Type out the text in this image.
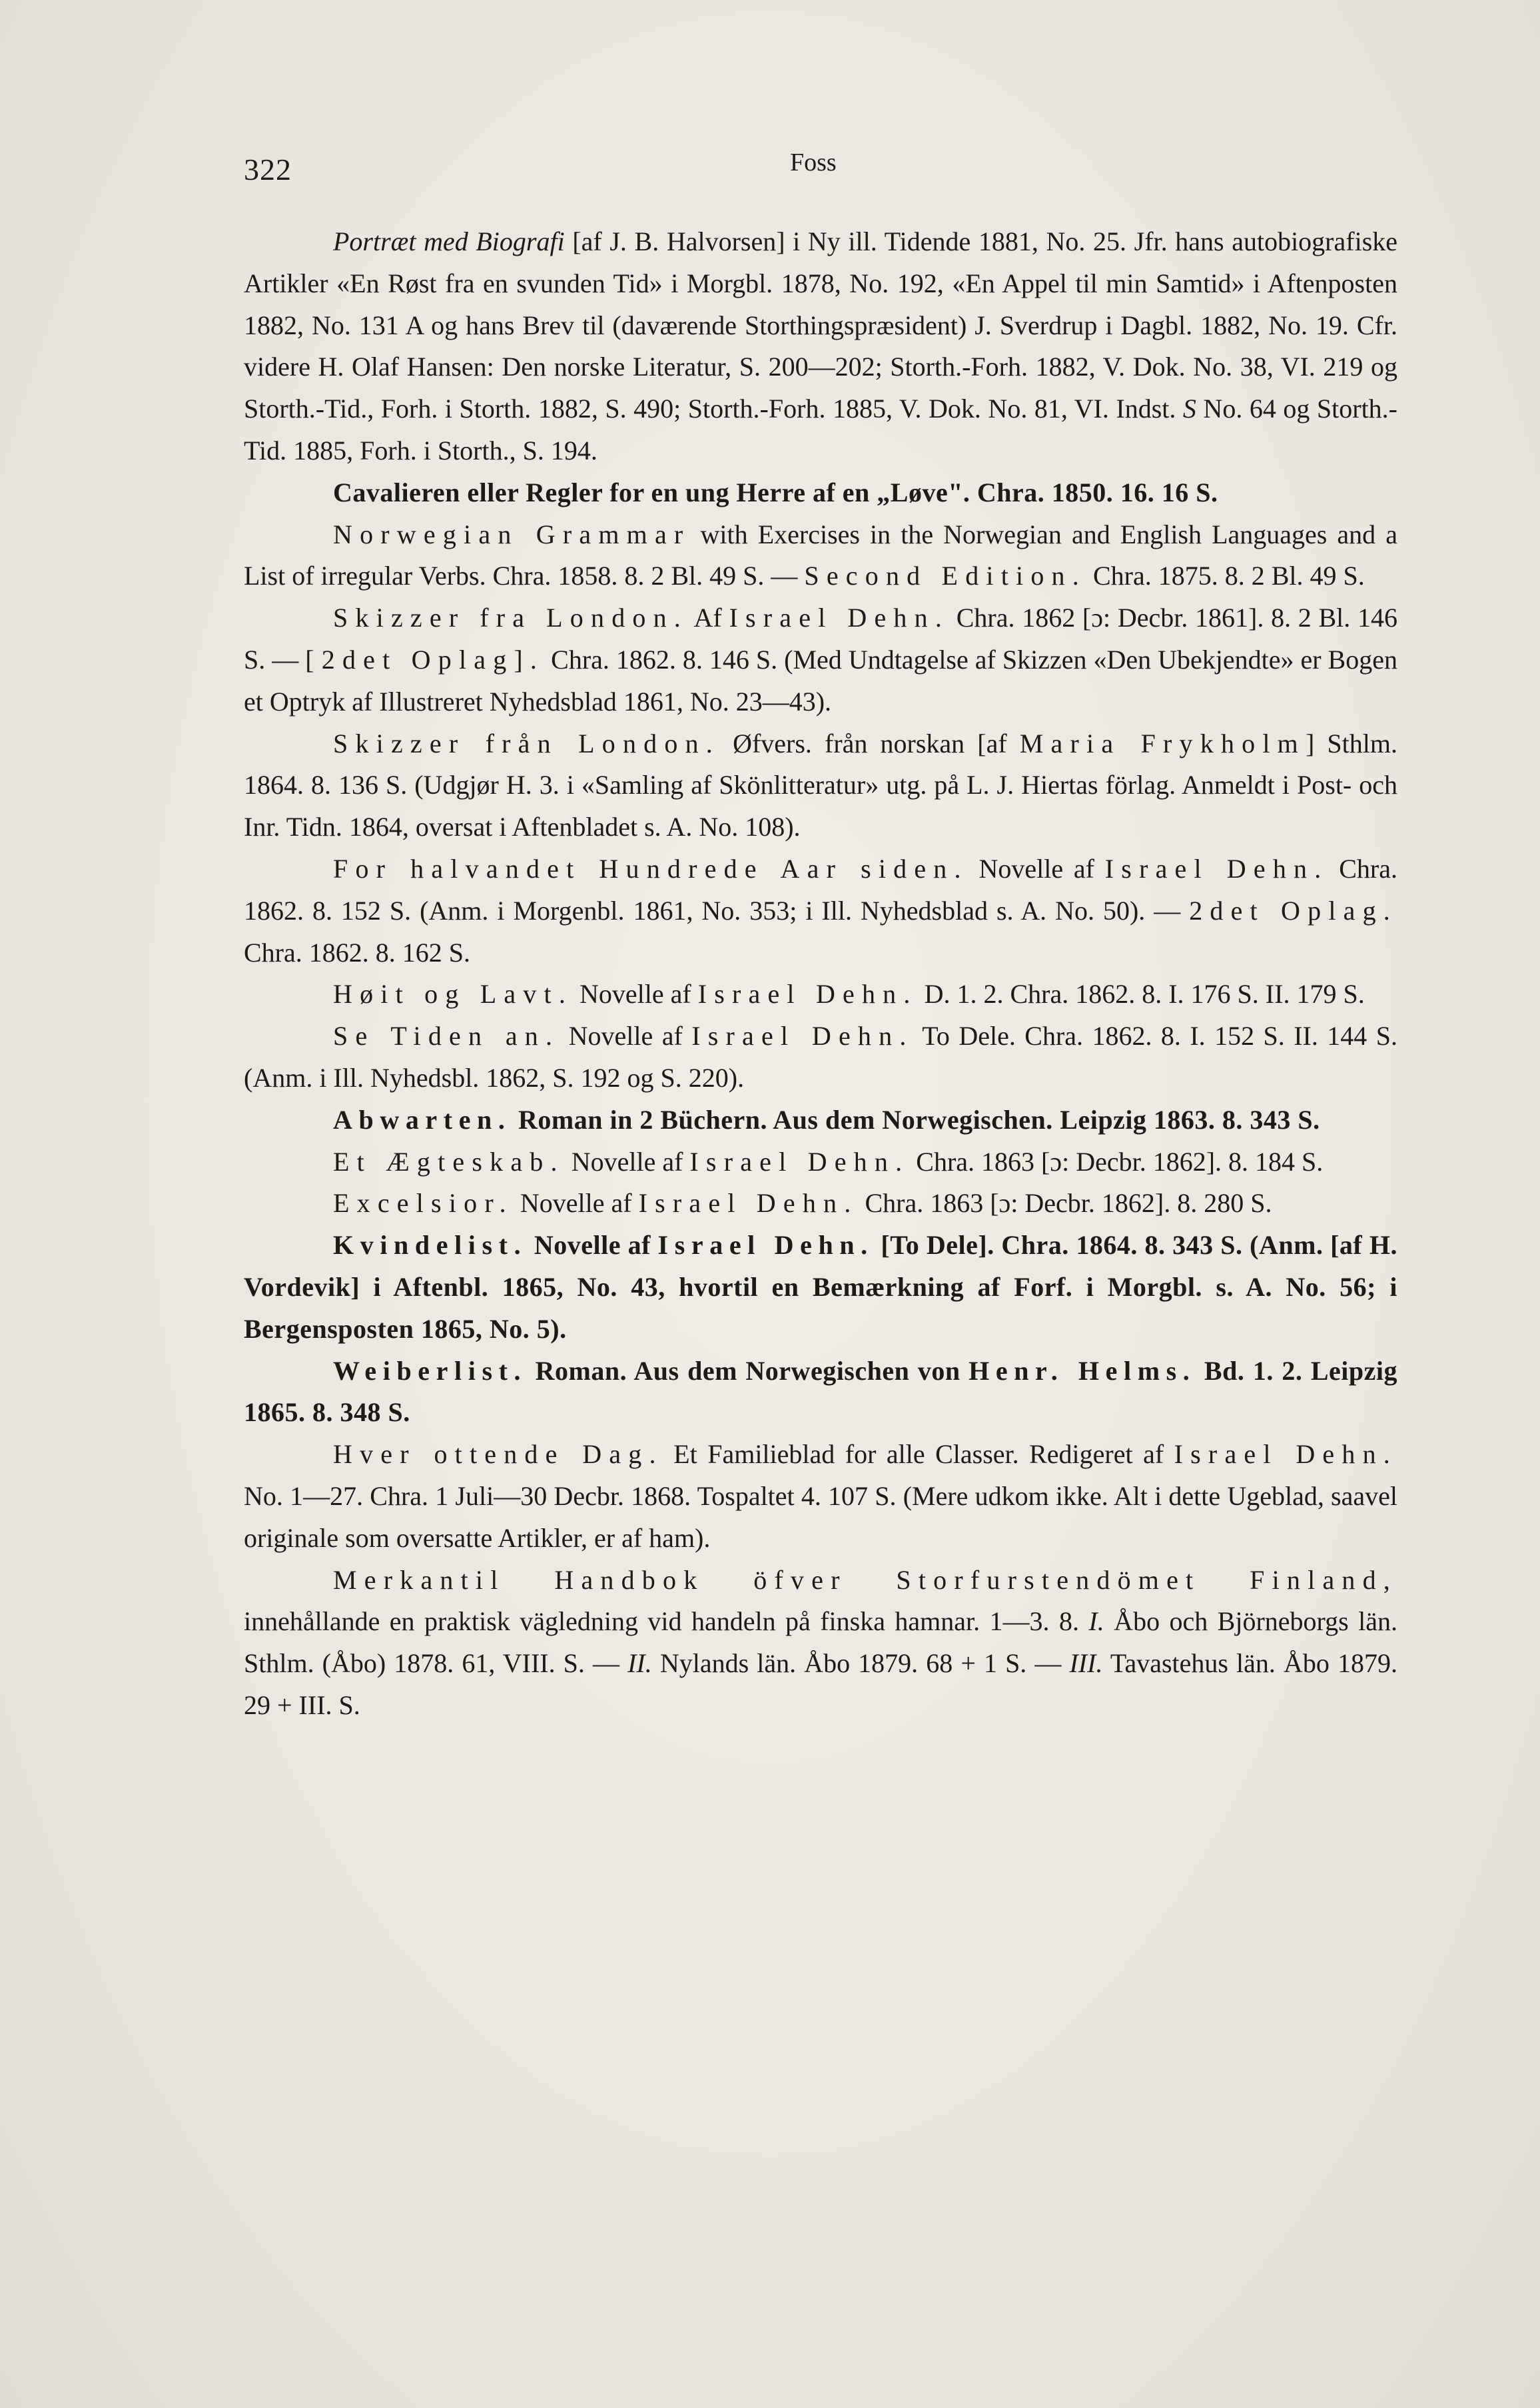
322	Foss

Portræt med Biografi [af J. B. Halvorsen] i Ny ill. Tidende 1881, No. 25. Jfr. hans autobiografiske Artikler «En Røst fra en svunden Tid» i Morgbl. 1878, No. 192, «En Appel til min Samtid» i Aftenposten 1882, No. 131 A og hans Brev til (daværende Storthingspræsident) J. Sverdrup i Dagbl. 1882, No. 19. Cfr. videre H. Olaf Hansen: Den norske Literatur, S. 200—202; Storth.-Forh. 1882, V. Dok. No. 38, VI. 219 og Storth.-Tid., Forh. i Storth. 1882, S. 490; Storth.-Forh. 1885, V. Dok. No. 81, VI. Indst. S No. 64 og Storth.-Tid. 1885, Forh. i Storth., S. 194.

Cavalieren eller Regler for en ung Herre af en „Løve". Chra. 1850. 16. 16 S.

Norwegian Grammar with Exercises in the Norwegian and English Languages and a List of irregular Verbs. Chra. 1858. 8. 2 Bl. 49 S. — Second Edition. Chra. 1875. 8. 2 Bl. 49 S.

Skizzer fra London. Af Israel Dehn. Chra. 1862 [ɔ: Decbr. 1861]. 8. 2 Bl. 146 S. — [2det Oplag]. Chra. 1862. 8. 146 S. (Med Undtagelse af Skizzen «Den Ubekjendte» er Bogen et Optryk af Illustreret Nyhedsblad 1861, No. 23—43).

Skizzer från London. Øfvers. från norskan [af Maria Frykholm] Sthlm. 1864. 8. 136 S. (Udgjør H. 3. i «Samling af Skönlitteratur» utg. på L. J. Hiertas förlag. Anmeldt i Post- och Inr. Tidn. 1864, oversat i Aftenbladet s. A. No. 108).

For halvandet Hundrede Aar siden. Novelle af Israel Dehn. Chra. 1862. 8. 152 S. (Anm. i Morgenbl. 1861, No. 353; i Ill. Nyhedsblad s. A. No. 50). — 2det Oplag. Chra. 1862. 8. 162 S.

Høit og Lavt. Novelle af Israel Dehn. D. 1. 2. Chra. 1862. 8. I. 176 S. II. 179 S.

Se Tiden an. Novelle af Israel Dehn. To Dele. Chra. 1862. 8. I. 152 S. II. 144 S. (Anm. i Ill. Nyhedsbl. 1862, S. 192 og S. 220).

Abwarten. Roman in 2 Büchern. Aus dem Norwegischen. Leipzig 1863. 8. 343 S.

Et Ægteskab. Novelle af Israel Dehn. Chra. 1863 [ɔ: Decbr. 1862]. 8. 184 S.

Excelsior. Novelle af Israel Dehn. Chra. 1863 [ɔ: Decbr. 1862]. 8. 280 S.

Kvindelist. Novelle af Israel Dehn. [To Dele]. Chra. 1864. 8. 343 S. (Anm. [af H. Vordevik] i Aftenbl. 1865, No. 43, hvortil en Bemærkning af Forf. i Morgbl. s. A. No. 56; i Bergensposten 1865, No. 5).

Weiberlist. Roman. Aus dem Norwegischen von Henr. Helms. Bd. 1. 2. Leipzig 1865. 8. 348 S.

Hver ottende Dag. Et Familieblad for alle Classer. Redigeret af Israel Dehn. No. 1—27. Chra. 1 Juli—30 Decbr. 1868. Tospaltet 4. 107 S. (Mere udkom ikke. Alt i dette Ugeblad, saavel originale som oversatte Artikler, er af ham).

Merkantil Handbok öfver Storfurstendömet Finland, innehållande en praktisk vägledning vid handeln på finska hamnar. 1—3. 8. I. Åbo och Björneborgs län. Sthlm. (Åbo) 1878. 61, VIII. S. — II. Nylands län. Åbo 1879. 68 + 1 S. — III. Tavastehus län. Åbo 1879. 29 + III. S.
